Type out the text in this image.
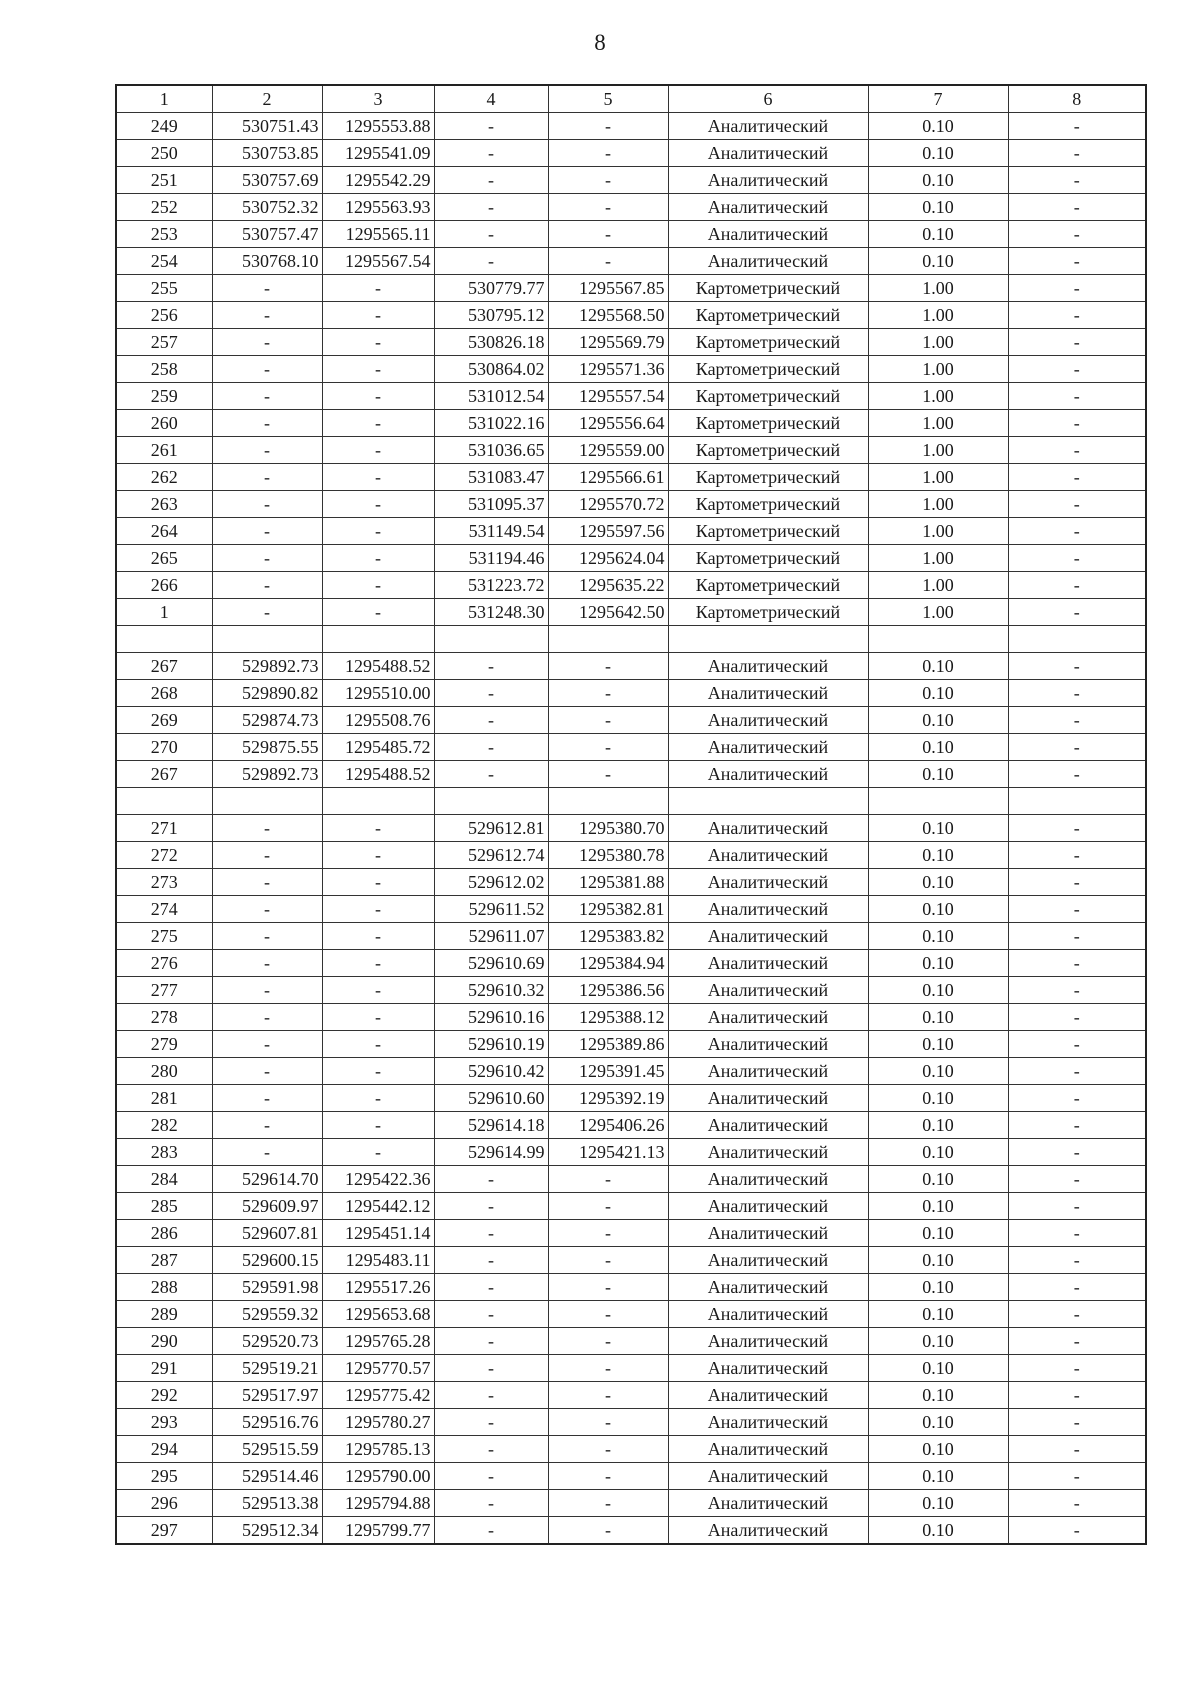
8
1	2	3	4	5	6	7	8
249	530751.43	1295553.88	-	-	Аналитический	0.10	-
250	530753.85	1295541.09	-	-	Аналитический	0.10	-
251	530757.69	1295542.29	-	-	Аналитический	0.10	-
252	530752.32	1295563.93	-	-	Аналитический	0.10	-
253	530757.47	1295565.11	-	-	Аналитический	0.10	-
254	530768.10	1295567.54	-	-	Аналитический	0.10	-
255	-	-	530779.77	1295567.85	Картометрический	1.00	-
256	-	-	530795.12	1295568.50	Картометрический	1.00	-
257	-	-	530826.18	1295569.79	Картометрический	1.00	-
258	-	-	530864.02	1295571.36	Картометрический	1.00	-
259	-	-	531012.54	1295557.54	Картометрический	1.00	-
260	-	-	531022.16	1295556.64	Картометрический	1.00	-
261	-	-	531036.65	1295559.00	Картометрический	1.00	-
262	-	-	531083.47	1295566.61	Картометрический	1.00	-
263	-	-	531095.37	1295570.72	Картометрический	1.00	-
264	-	-	531149.54	1295597.56	Картометрический	1.00	-
265	-	-	531194.46	1295624.04	Картометрический	1.00	-
266	-	-	531223.72	1295635.22	Картометрический	1.00	-
1	-	-	531248.30	1295642.50	Картометрический	1.00	-

267	529892.73	1295488.52	-	-	Аналитический	0.10	-
268	529890.82	1295510.00	-	-	Аналитический	0.10	-
269	529874.73	1295508.76	-	-	Аналитический	0.10	-
270	529875.55	1295485.72	-	-	Аналитический	0.10	-
267	529892.73	1295488.52	-	-	Аналитический	0.10	-

271	-	-	529612.81	1295380.70	Аналитический	0.10	-
272	-	-	529612.74	1295380.78	Аналитический	0.10	-
273	-	-	529612.02	1295381.88	Аналитический	0.10	-
274	-	-	529611.52	1295382.81	Аналитический	0.10	-
275	-	-	529611.07	1295383.82	Аналитический	0.10	-
276	-	-	529610.69	1295384.94	Аналитический	0.10	-
277	-	-	529610.32	1295386.56	Аналитический	0.10	-
278	-	-	529610.16	1295388.12	Аналитический	0.10	-
279	-	-	529610.19	1295389.86	Аналитический	0.10	-
280	-	-	529610.42	1295391.45	Аналитический	0.10	-
281	-	-	529610.60	1295392.19	Аналитический	0.10	-
282	-	-	529614.18	1295406.26	Аналитический	0.10	-
283	-	-	529614.99	1295421.13	Аналитический	0.10	-
284	529614.70	1295422.36	-	-	Аналитический	0.10	-
285	529609.97	1295442.12	-	-	Аналитический	0.10	-
286	529607.81	1295451.14	-	-	Аналитический	0.10	-
287	529600.15	1295483.11	-	-	Аналитический	0.10	-
288	529591.98	1295517.26	-	-	Аналитический	0.10	-
289	529559.32	1295653.68	-	-	Аналитический	0.10	-
290	529520.73	1295765.28	-	-	Аналитический	0.10	-
291	529519.21	1295770.57	-	-	Аналитический	0.10	-
292	529517.97	1295775.42	-	-	Аналитический	0.10	-
293	529516.76	1295780.27	-	-	Аналитический	0.10	-
294	529515.59	1295785.13	-	-	Аналитический	0.10	-
295	529514.46	1295790.00	-	-	Аналитический	0.10	-
296	529513.38	1295794.88	-	-	Аналитический	0.10	-
297	529512.34	1295799.77	-	-	Аналитический	0.10	-
